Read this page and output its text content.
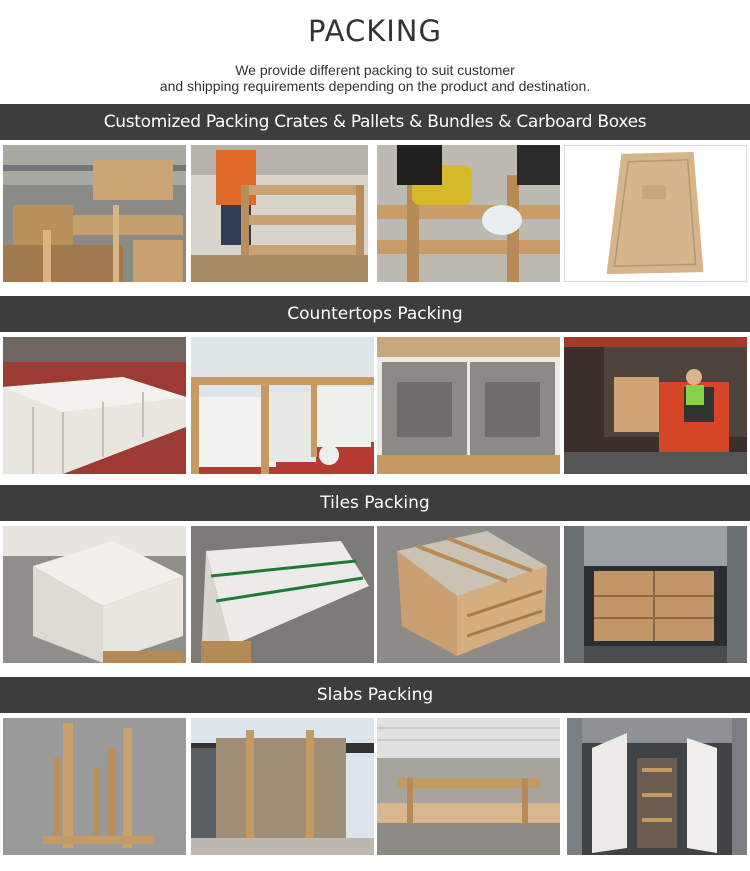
PACKING
We provide different packing to suit customer
and shipping requirements depending on the product and destination.
Customized Packing Crates & Pallets & Bundles & Carboard Boxes
Countertops Packing
Tiles Packing
Slabs Packing
